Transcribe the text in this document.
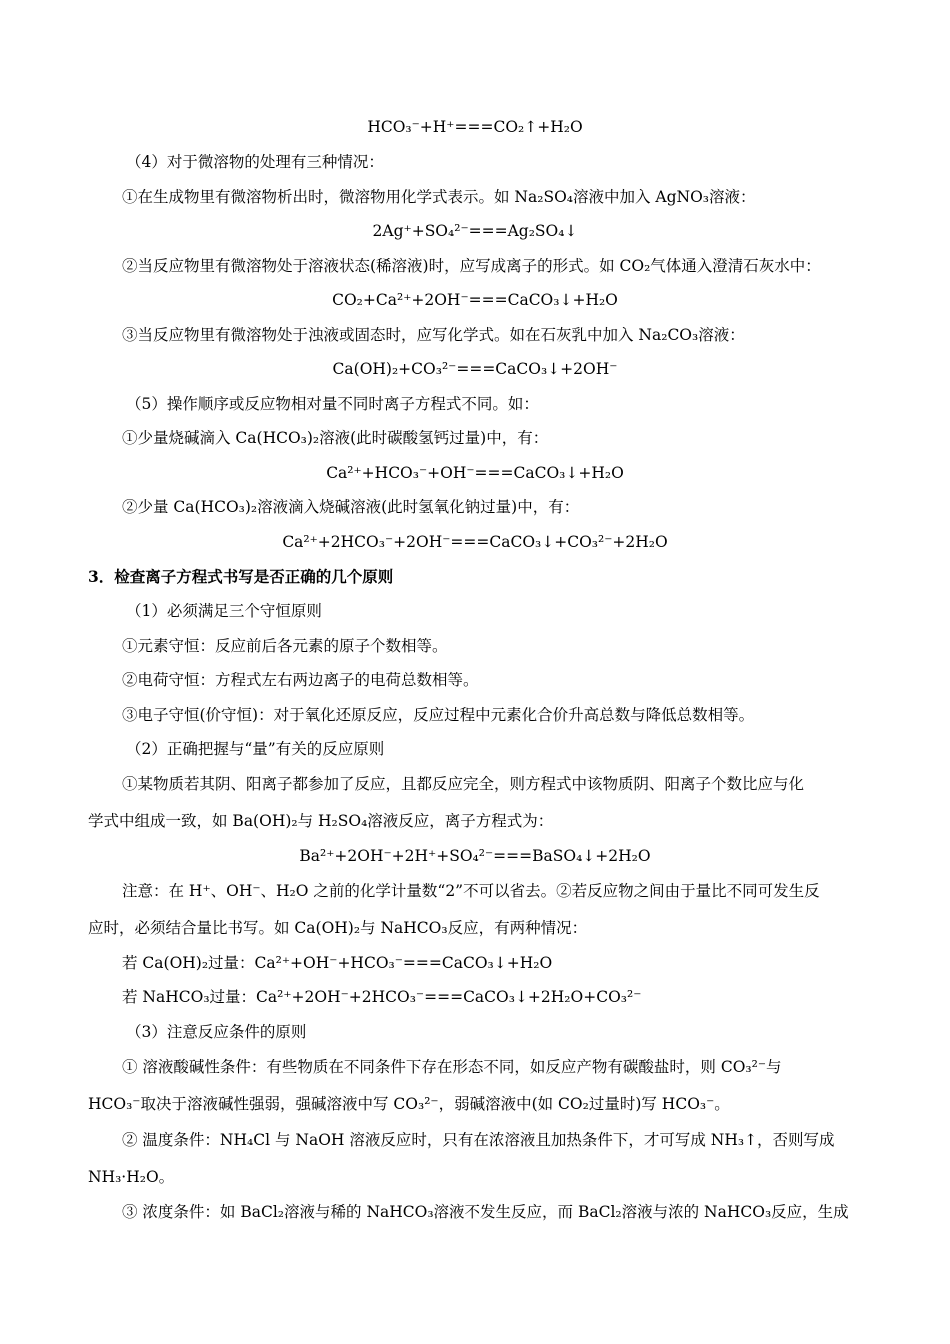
HCO₃⁻+H⁺===CO₂↑+H₂O
（4）对于微溶物的处理有三种情况：
①在生成物里有微溶物析出时，微溶物用化学式表示。如 Na₂SO₄溶液中加入 AgNO₃溶液：
2Ag⁺+SO₄²⁻===Ag₂SO₄↓
②当反应物里有微溶物处于溶液状态(稀溶液)时，应写成离子的形式。如 CO₂气体通入澄清石灰水中：
CO₂+Ca²⁺+2OH⁻===CaCO₃↓+H₂O
③当反应物里有微溶物处于浊液或固态时，应写化学式。如在石灰乳中加入 Na₂CO₃溶液：
Ca(OH)₂+CO₃²⁻===CaCO₃↓+2OH⁻
（5）操作顺序或反应物相对量不同时离子方程式不同。如：
①少量烧碱滴入 Ca(HCO₃)₂溶液(此时碳酸氢钙过量)中，有：
Ca²⁺+HCO₃⁻+OH⁻===CaCO₃↓+H₂O
②少量 Ca(HCO₃)₂溶液滴入烧碱溶液(此时氢氧化钠过量)中，有：
Ca²⁺+2HCO₃⁻+2OH⁻===CaCO₃↓+CO₃²⁻+2H₂O
3．检查离子方程式书写是否正确的几个原则
（1）必须满足三个守恒原则
①元素守恒：反应前后各元素的原子个数相等。
②电荷守恒：方程式左右两边离子的电荷总数相等。
③电子守恒(价守恒)：对于氧化还原反应，反应过程中元素化合价升高总数与降低总数相等。
（2）正确把握与“量”有关的反应原则
①某物质若其阴、阳离子都参加了反应，且都反应完全，则方程式中该物质阴、阳离子个数比应与化
学式中组成一致，如 Ba(OH)₂与 H₂SO₄溶液反应，离子方程式为：
Ba²⁺+2OH⁻+2H⁺+SO₄²⁻===BaSO₄↓+2H₂O
注意：在 H⁺、OH⁻、H₂O 之前的化学计量数“2”不可以省去。②若反应物之间由于量比不同可发生反
应时，必须结合量比书写。如 Ca(OH)₂与 NaHCO₃反应，有两种情况：
若 Ca(OH)₂过量：Ca²⁺+OH⁻+HCO₃⁻===CaCO₃↓+H₂O
若 NaHCO₃过量：Ca²⁺+2OH⁻+2HCO₃⁻===CaCO₃↓+2H₂O+CO₃²⁻
（3）注意反应条件的原则
① 溶液酸碱性条件：有些物质在不同条件下存在形态不同，如反应产物有碳酸盐时，则 CO₃²⁻与
HCO₃⁻取决于溶液碱性强弱，强碱溶液中写 CO₃²⁻，弱碱溶液中(如 CO₂过量时)写 HCO₃⁻。
② 温度条件：NH₄Cl 与 NaOH 溶液反应时，只有在浓溶液且加热条件下，才可写成 NH₃↑，否则写成
NH₃·H₂O。
③ 浓度条件：如 BaCl₂溶液与稀的 NaHCO₃溶液不发生反应，而 BaCl₂溶液与浓的 NaHCO₃反应，生成
